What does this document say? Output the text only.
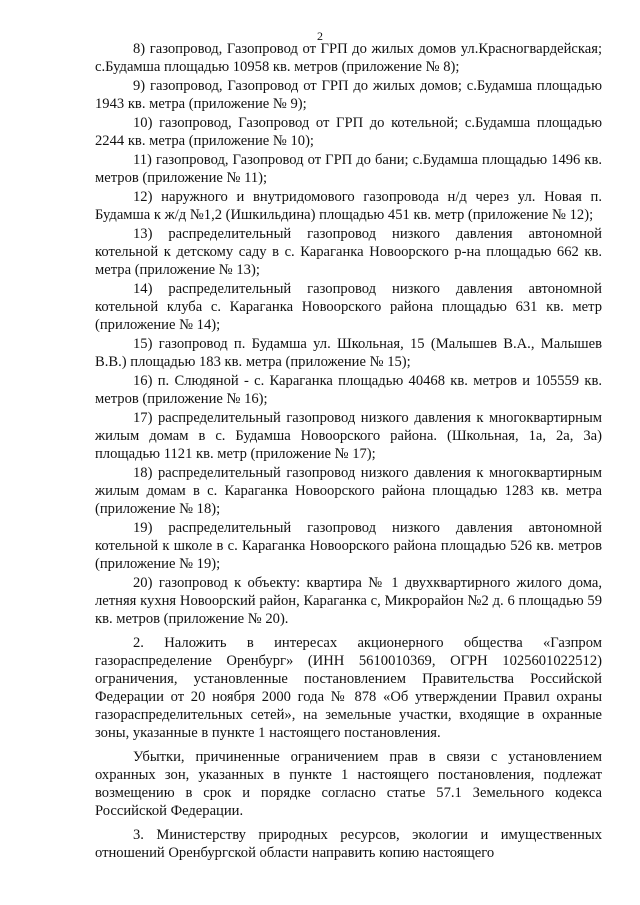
2

8) газопровод, Газопровод от ГРП до жилых домов ул.Красногвардейская; с.Будамша площадью 10958 кв. метров (приложение № 8);

9) газопровод, Газопровод от ГРП до жилых домов; с.Будамша площадью 1943 кв. метра (приложение № 9);

10) газопровод, Газопровод от ГРП до котельной; с.Будамша площадью 2244 кв. метра (приложение № 10);

11) газопровод, Газопровод от ГРП до бани; с.Будамша площадью 1496 кв. метров (приложение № 11);

12) наружного и внутридомового газопровода н/д через ул. Новая п. Будамша к ж/д №1,2 (Ишкильдина) площадью 451 кв. метр (приложение № 12);

13) распределительный газопровод низкого давления автономной котельной к детскому саду в с. Караганка Новоорского р-на площадью 662 кв. метра (приложение № 13);

14) распределительный газопровод низкого давления автономной котельной клуба с. Караганка Новоорского района площадью 631 кв. метр (приложение № 14);

15) газопровод п. Будамша ул. Школьная, 15 (Малышев В.А., Малышев В.В.) площадью 183 кв. метра (приложение № 15);

16) п. Слюдяной - с. Караганка площадью 40468 кв. метров и 105559 кв. метров (приложение № 16);

17) распределительный газопровод низкого давления к многоквартирным жилым домам в с. Будамша Новоорского района. (Школьная, 1а, 2а, 3а) площадью 1121 кв. метр (приложение № 17);

18) распределительный газопровод низкого давления к многоквартирным жилым домам в с. Караганка Новоорского района площадью 1283 кв. метра (приложение № 18);

19) распределительный газопровод низкого давления автономной котельной к школе в с. Караганка Новоорского района площадью 526 кв. метров (приложение № 19);

20) газопровод к объекту: квартира № 1 двухквартирного жилого дома, летняя кухня Новоорский район, Караганка с, Микрорайон №2 д. 6 площадью 59 кв. метров (приложение № 20).

2. Наложить в интересах акционерного общества «Газпром газораспределение Оренбург» (ИНН 5610010369, ОГРН 1025601022512) ограничения, установленные постановлением Правительства Российской Федерации от 20 ноября 2000 года № 878 «Об утверждении Правил охраны газораспределительных сетей», на земельные участки, входящие в охранные зоны, указанные в пункте 1 настоящего постановления.

Убытки, причиненные ограничением прав в связи с установлением охранных зон, указанных в пункте 1 настоящего постановления, подлежат возмещению в срок и порядке согласно статье 57.1 Земельного кодекса Российской Федерации.

3. Министерству природных ресурсов, экологии и имущественных отношений Оренбургской области направить копию настоящего
